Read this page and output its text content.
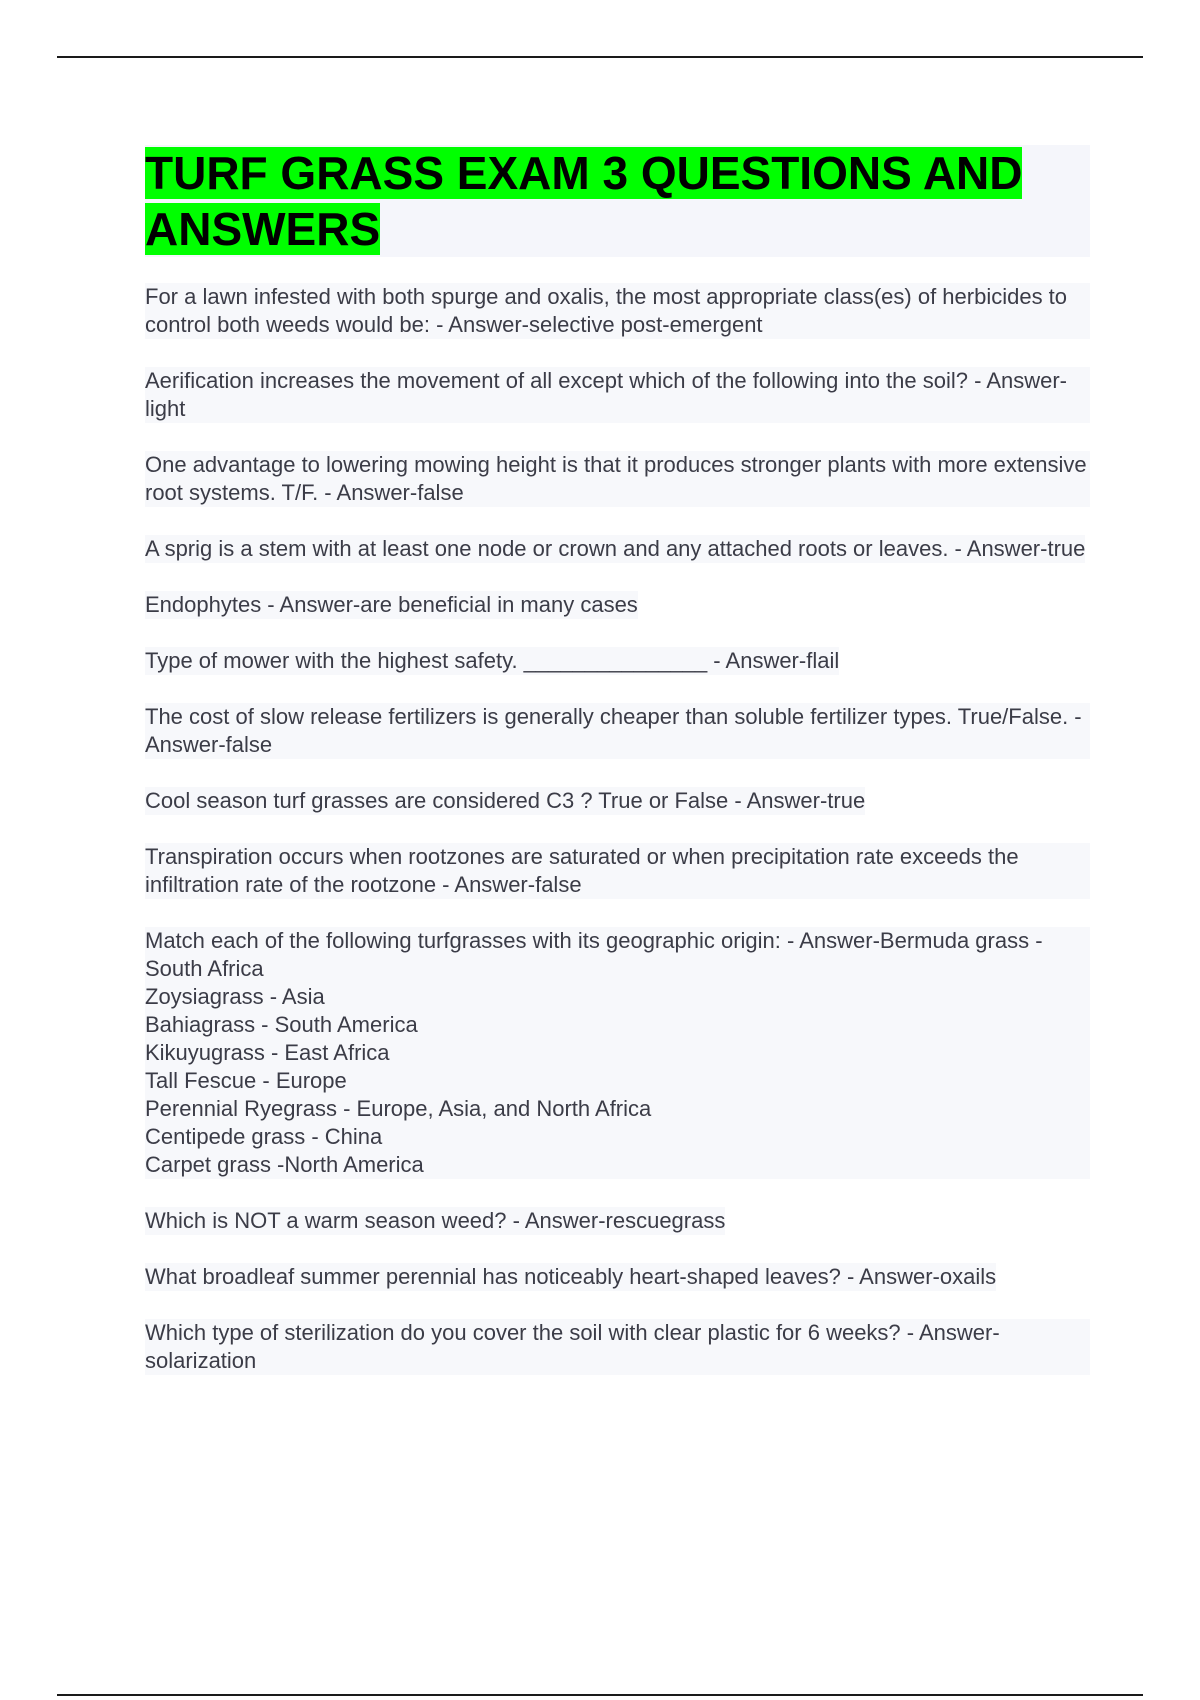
TURF GRASS EXAM 3 QUESTIONS AND ANSWERS
For a lawn infested with both spurge and oxalis, the most appropriate class(es) of herbicides to control both weeds would be: - Answer-selective post-emergent
Aerification increases the movement of all except which of the following into the soil? - Answer-light
One advantage to lowering mowing height is that it produces stronger plants with more extensive root systems. T/F. - Answer-false
A sprig is a stem with at least one node or crown and any attached roots or leaves. - Answer-true
Endophytes - Answer-are beneficial in many cases
Type of mower with the highest safety. _______________ - Answer-flail
The cost of slow release fertilizers is generally cheaper than soluble fertilizer types. True/False. - Answer-false
Cool season turf grasses are considered C3 ? True or False - Answer-true
Transpiration occurs when rootzones are saturated or when precipitation rate exceeds the infiltration rate of the rootzone - Answer-false
Match each of the following turfgrasses with its geographic origin: - Answer-Bermuda grass - South Africa
Zoysiagrass - Asia
Bahiagrass - South America
Kikuyugrass - East Africa
Tall Fescue - Europe
Perennial Ryegrass - Europe, Asia, and North Africa
Centipede grass - China
Carpet grass -North America
Which is NOT a warm season weed? - Answer-rescuegrass
What broadleaf summer perennial has noticeably heart-shaped leaves? - Answer-oxails
Which type of sterilization do you cover the soil with clear plastic for 6 weeks? - Answer-solarization
